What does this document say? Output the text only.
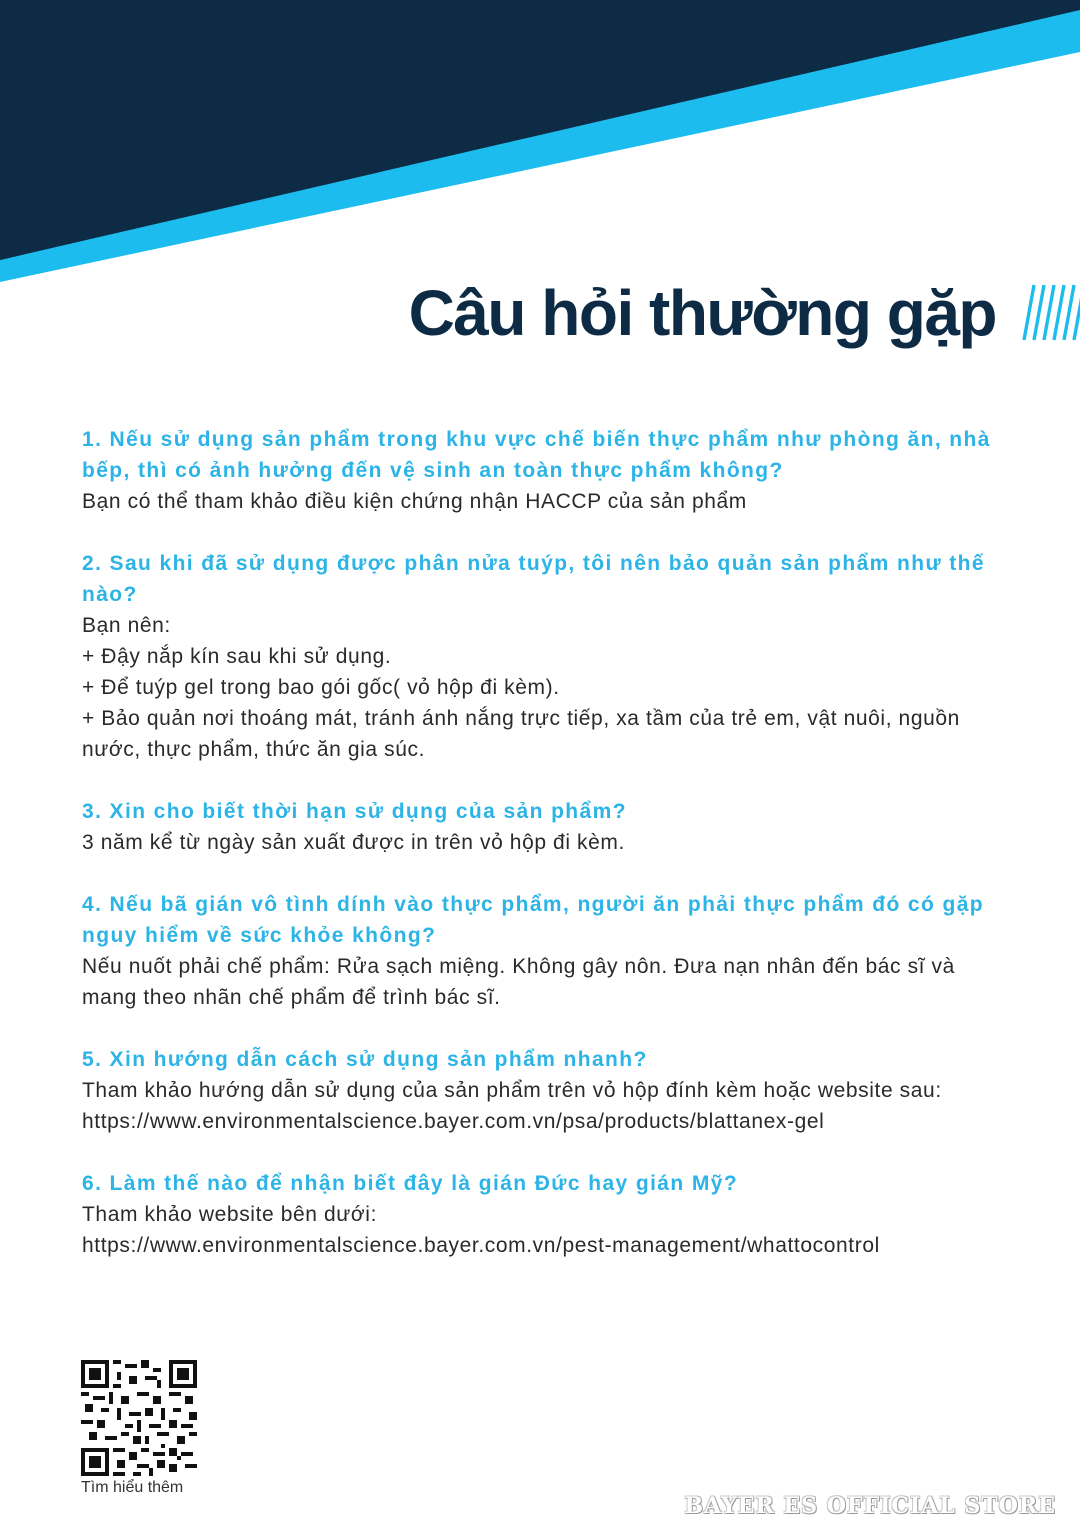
Câu hỏi thường gặp
1. Nếu sử dụng sản phẩm trong khu vực chế biến thực phẩm như phòng ăn, nhà bếp, thì có ảnh hưởng đến vệ sinh an toàn thực phẩm không?
Bạn có thể tham khảo điều kiện chứng nhận HACCP của sản phẩm
2. Sau khi đã sử dụng được phân nửa tuýp, tôi nên bảo quản sản phẩm như thế nào?
Bạn nên:
+ Đậy nắp kín sau khi sử dụng.
+ Để tuýp gel trong bao gói gốc( vỏ hộp đi kèm).
+ Bảo quản nơi thoáng mát, tránh ánh nắng trực tiếp, xa tầm của trẻ em, vật nuôi, nguồn nước, thực phẩm, thức ăn gia súc.
3. Xin cho biết thời hạn sử dụng của sản phẩm?
3 năm kể từ ngày sản xuất được in trên vỏ hộp đi kèm.
4. Nếu bã gián vô tình dính vào thực phẩm, người ăn phải thực phẩm đó có gặp nguy hiểm về sức khỏe không?
Nếu nuốt phải chế phẩm: Rửa sạch miệng. Không gây nôn. Đưa nạn nhân đến bác sĩ và mang theo nhãn chế phẩm để trình bác sĩ.
5. Xin hướng dẫn cách sử dụng sản phẩm nhanh?
Tham khảo hướng dẫn sử dụng của sản phẩm trên vỏ hộp đính kèm hoặc website sau: https://www.environmentalscience.bayer.com.vn/psa/products/blattanex-gel
6. Làm thế nào để nhận biết đây là gián Đức hay gián Mỹ?
Tham khảo website bên dưới:
https://www.environmentalscience.bayer.com.vn/pest-management/whattocontrol
Tìm hiểu thêm
BAYER ES OFFICIAL STORE
